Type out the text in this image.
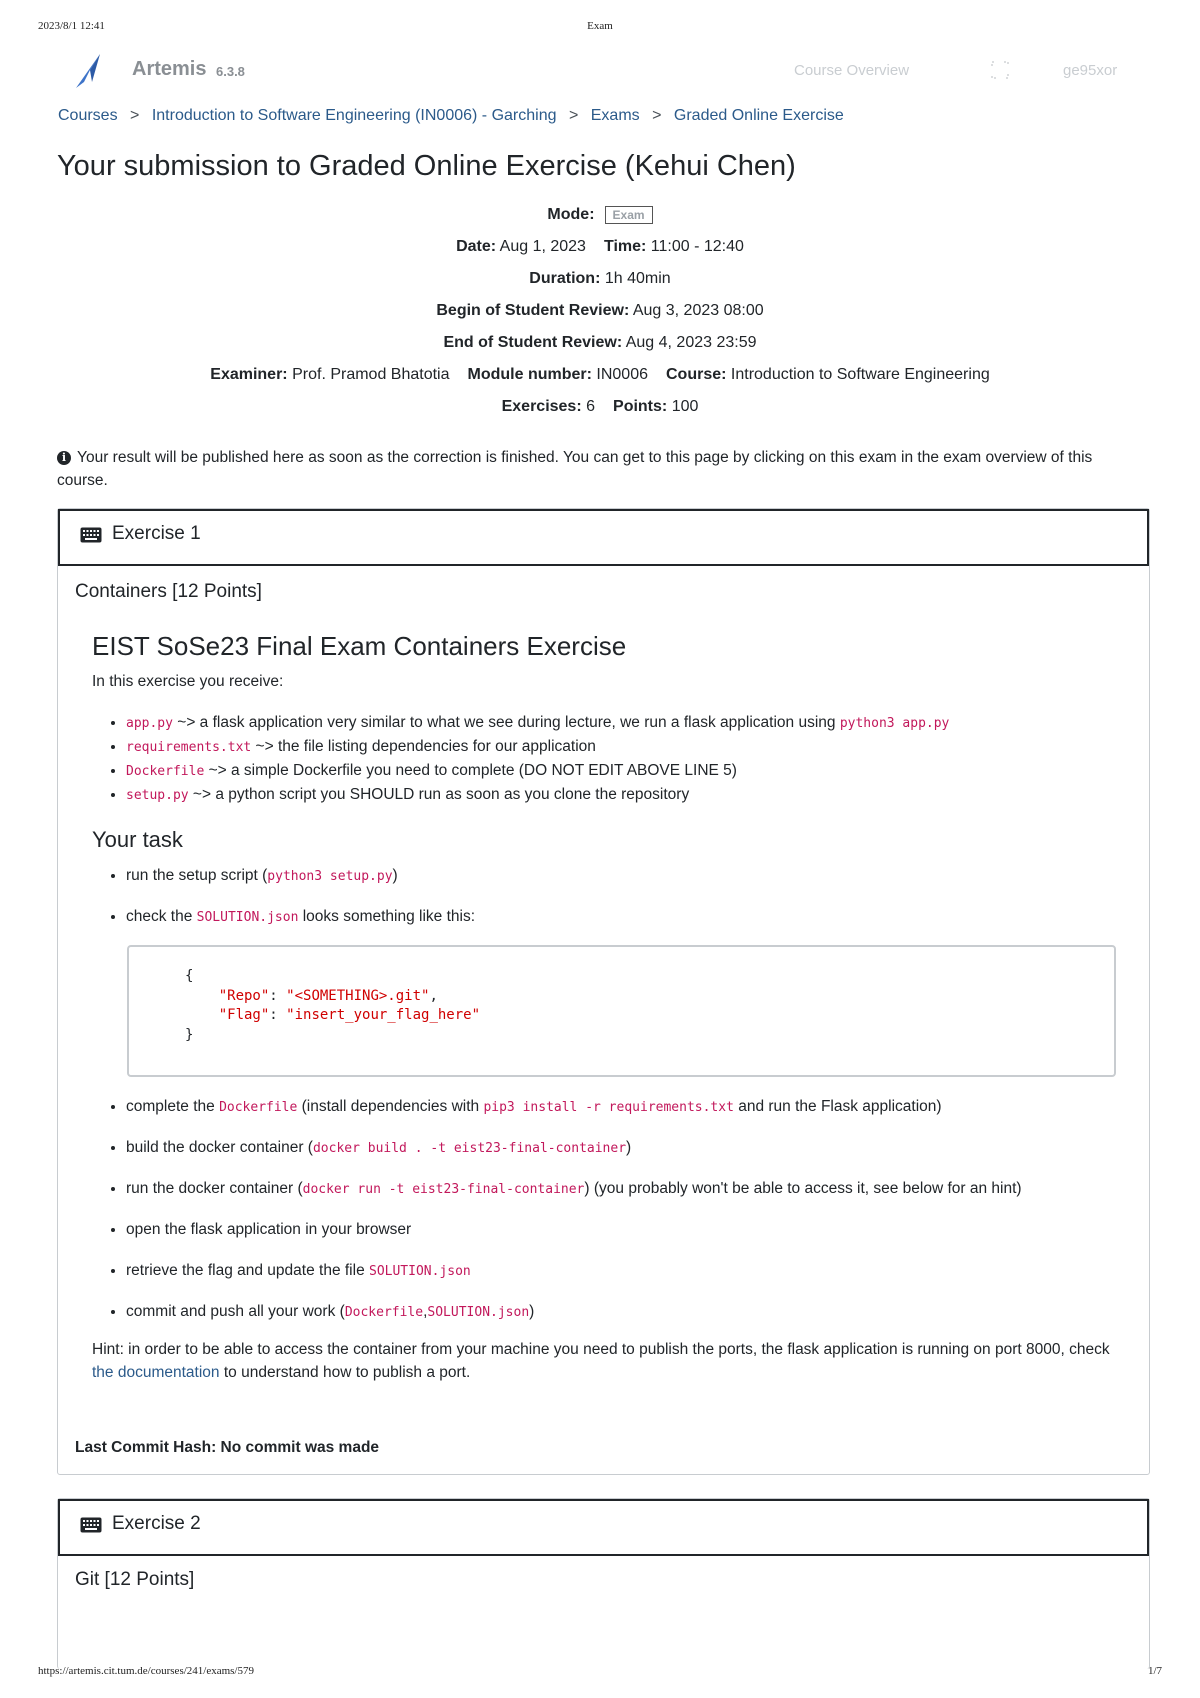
2023/8/1 12:41	Exam
Artemis 6.3.8	Course Overview	ge95xor
Courses > Introduction to Software Engineering (IN0006) - Garching > Exams > Graded Online Exercise
Your submission to Graded Online Exercise (Kehui Chen)
Mode: Exam
Date: Aug 1, 2023 Time: 11:00 - 12:40
Duration: 1h 40min
Begin of Student Review: Aug 3, 2023 08:00
End of Student Review: Aug 4, 2023 23:59
Examiner: Prof. Pramod Bhatotia Module number: IN0006 Course: Introduction to Software Engineering
Exercises: 6 Points: 100
i Your result will be published here as soon as the correction is finished. You can get to this page by clicking on this exam in the exam overview of this course.
Exercise 1
Containers [12 Points]
EIST SoSe23 Final Exam Containers Exercise
In this exercise you receive:
• app.py ~> a flask application very similar to what we see during lecture, we run a flask application using python3 app.py
• requirements.txt ~> the file listing dependencies for our application
• Dockerfile ~> a simple Dockerfile you need to complete (DO NOT EDIT ABOVE LINE 5)
• setup.py ~> a python script you SHOULD run as soon as you clone the repository
Your task
• run the setup script (python3 setup.py)
• check the SOLUTION.json looks something like this:
{
"Repo": "<SOMETHING>.git",
"Flag": "insert_your_flag_here"
}
• complete the Dockerfile (install dependencies with pip3 install -r requirements.txt and run the Flask application)
• build the docker container (docker build . -t eist23-final-container)
• run the docker container (docker run -t eist23-final-container) (you probably won't be able to access it, see below for an hint)
• open the flask application in your browser
• retrieve the flag and update the file SOLUTION.json
• commit and push all your work (Dockerfile,SOLUTION.json)
Hint: in order to be able to access the container from your machine you need to publish the ports, the flask application is running on port 8000, check the documentation to understand how to publish a port.
Last Commit Hash: No commit was made
Exercise 2
Git [12 Points]
https://artemis.cit.tum.de/courses/241/exams/579	1/7
